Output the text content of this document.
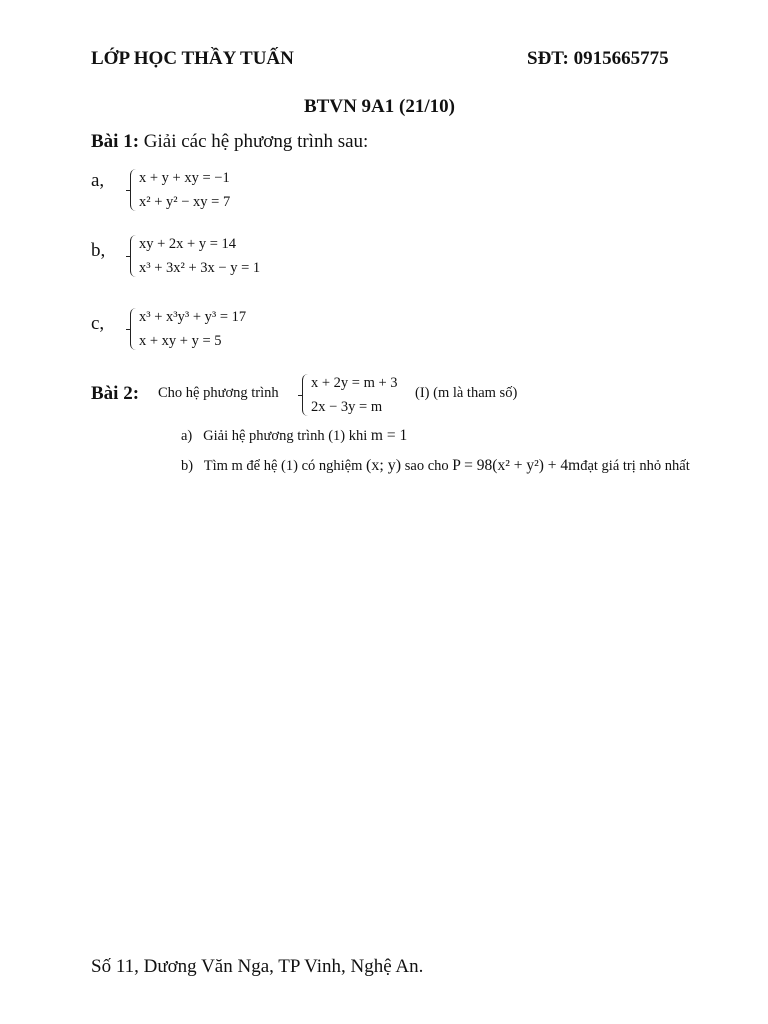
LỚP HỌC THẦY TUẤN	SĐT: 0915665775
BTVN 9A1 (21/10)
Bài 1: Giải các hệ phương trình sau:
a, x + y + xy = −1
x² + y² − xy = 7
b, xy + 2x + y = 14
x³ + 3x² + 3x − y = 1
c, x³ + x³y³ + y³ = 17
x + xy + y = 5
Bài 2: Cho hệ phương trình
x + 2y = m + 3
2x − 3y = m
(I) (m là tham số)
a) Giải hệ phương trình (1) khi m = 1
b) Tìm m để hệ (1) có nghiệm (x; y) sao cho P = 98(x² + y²) + 4mđạt giá trị nhỏ nhất
Số 11, Dương Văn Nga, TP Vinh, Nghệ An.
